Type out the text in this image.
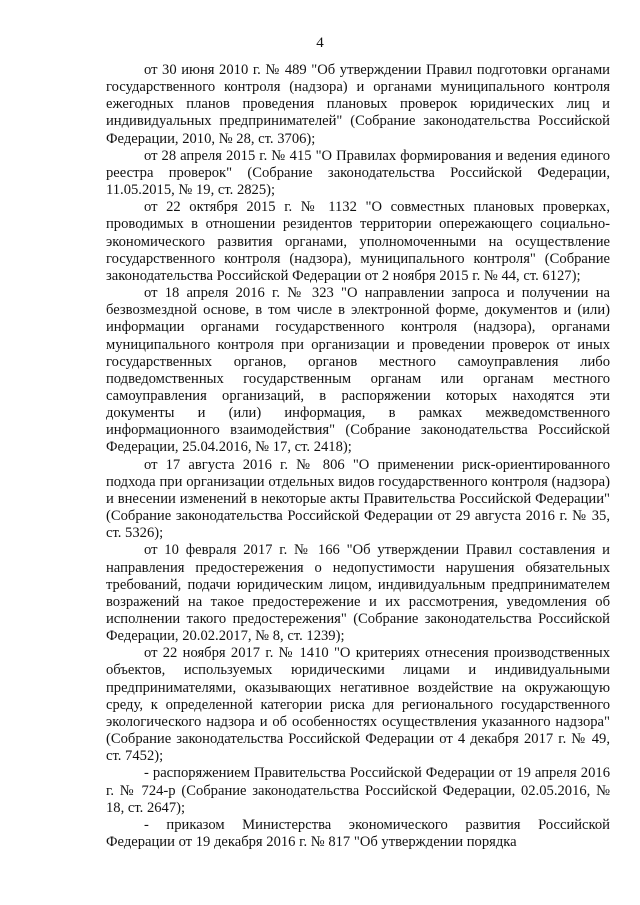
4

от 30 июня 2010 г. № 489 "Об утверждении Правил подготовки органами государственного контроля (надзора) и органами муниципального контроля ежегодных планов проведения плановых проверок юридических лиц и индивидуальных предпринимателей" (Собрание законодательства Российской Федерации, 2010, № 28, ст. 3706);

от 28 апреля 2015 г. № 415 "О Правилах формирования и ведения единого реестра проверок" (Собрание законодательства Российской Федерации, 11.05.2015, № 19, ст. 2825);

от 22 октября 2015 г. № 1132 "О совместных плановых проверках, проводимых в отношении резидентов территории опережающего социально-экономического развития органами, уполномоченными на осуществление государственного контроля (надзора), муниципального контроля" (Собрание законодательства Российской Федерации от 2 ноября 2015 г. № 44, ст. 6127);

от 18 апреля 2016 г. № 323 "О направлении запроса и получении на безвозмездной основе, в том числе в электронной форме, документов и (или) информации органами государственного контроля (надзора), органами муниципального контроля при организации и проведении проверок от иных государственных органов, органов местного самоуправления либо подведомственных государственным органам или органам местного самоуправления организаций, в распоряжении которых находятся эти документы и (или) информация, в рамках межведомственного информационного взаимодействия" (Собрание законодательства Российской Федерации, 25.04.2016, № 17, ст. 2418);

от 17 августа 2016 г. № 806 "О применении риск-ориентированного подхода при организации отдельных видов государственного контроля (надзора) и внесении изменений в некоторые акты Правительства Российской Федерации" (Собрание законодательства Российской Федерации от 29 августа 2016 г. № 35, ст. 5326);

от 10 февраля 2017 г. № 166 "Об утверждении Правил составления и направления предостережения о недопустимости нарушения обязательных требований, подачи юридическим лицом, индивидуальным предпринимателем возражений на такое предостережение и их рассмотрения, уведомления об исполнении такого предостережения" (Собрание законодательства Российской Федерации, 20.02.2017, № 8, ст. 1239);

от 22 ноября 2017 г. № 1410 "О критериях отнесения производственных объектов, используемых юридическими лицами и индивидуальными предпринимателями, оказывающих негативное воздействие на окружающую среду, к определенной категории риска для регионального государственного экологического надзора и об особенностях осуществления указанного надзора" (Собрание законодательства Российской Федерации от 4 декабря 2017 г. № 49, ст. 7452);

- распоряжением Правительства Российской Федерации от 19 апреля 2016 г. № 724-р (Собрание законодательства Российской Федерации, 02.05.2016, № 18, ст. 2647);

- приказом Министерства экономического развития Российской Федерации от 19 декабря 2016 г. № 817 "Об утверждении порядка
